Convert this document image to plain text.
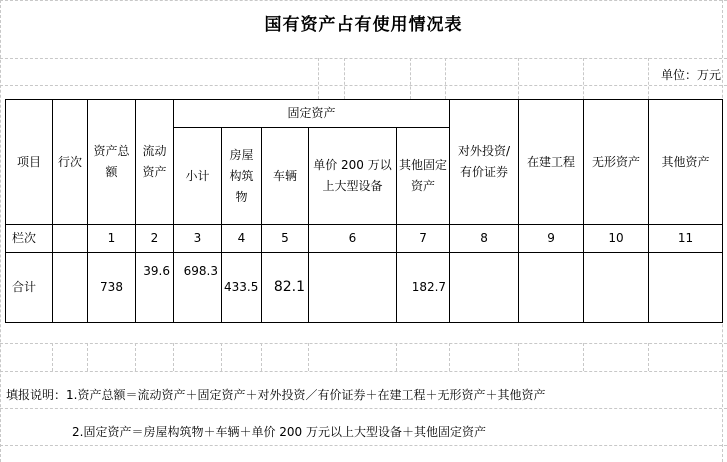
国有资产占有使用情况表
单位：万元
项目	行次	资产总额	流动资产	固定资产					对外投资/有价证券	在建工程	无形资产	其他资产
				小计	房屋构筑物	车辆	单价 200 万以上大型设备	其他固定资产				
栏次		1	2	3	4	5	6	7	8	9	10	11
合计		738	39.6	698.3	433.5	82.1		182.7				
填报说明：1.资产总额＝流动资产＋固定资产＋对外投资／有价证券＋在建工程＋无形资产＋其他资产
2.固定资产＝房屋构筑物＋车辆＋单价 200 万元以上大型设备＋其他固定资产
